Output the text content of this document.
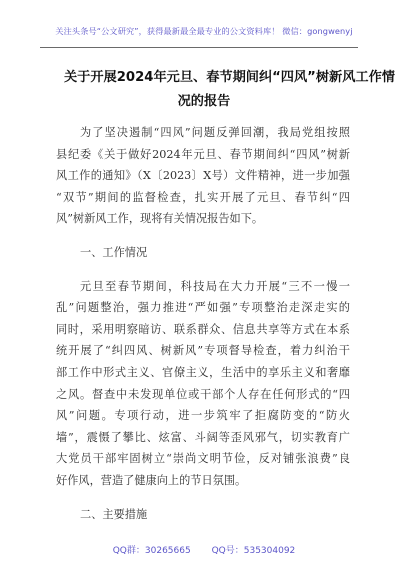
关注头条号“公文研究”，获得最新最全最专业的公文资料库！ 微信：gongwenyj
关于开展2024年元旦、春节期间纠“四风”树新风工作情
况的报告
为了坚决遏制“四风”问题反弹回潮，我局党组按照
县纪委《关于做好2024年元旦、春节期间纠“四风”树新
风工作的通知》（X〔2023〕X号）文件精神，进一步加强
“双节”期间的监督检查，扎实开展了元旦、春节纠“四
风”树新风工作，现将有关情况报告如下。
一、工作情况
元旦至春节期间，科技局在大力开展“三不一慢一
乱”问题整治，强力推进“严如强”专项整治走深走实的
同时，采用明察暗访、联系群众、信息共享等方式在本系
统开展了“纠四风、树新风”专项督导检查，着力纠治干
部工作中形式主义、官僚主义，生活中的享乐主义和奢靡
之风。督查中未发现单位或干部个人存在任何形式的“四
风”问题。专项行动，进一步筑牢了拒腐防变的“防火
墙”，震慑了攀比、炫富、斗阔等歪风邪气，切实教育广
大党员干部牢固树立“崇尚文明节俭，反对铺张浪费”良
好作风，营造了健康向上的节日氛围。
二、主要措施
QQ群：30265665 QQ号：535304092
